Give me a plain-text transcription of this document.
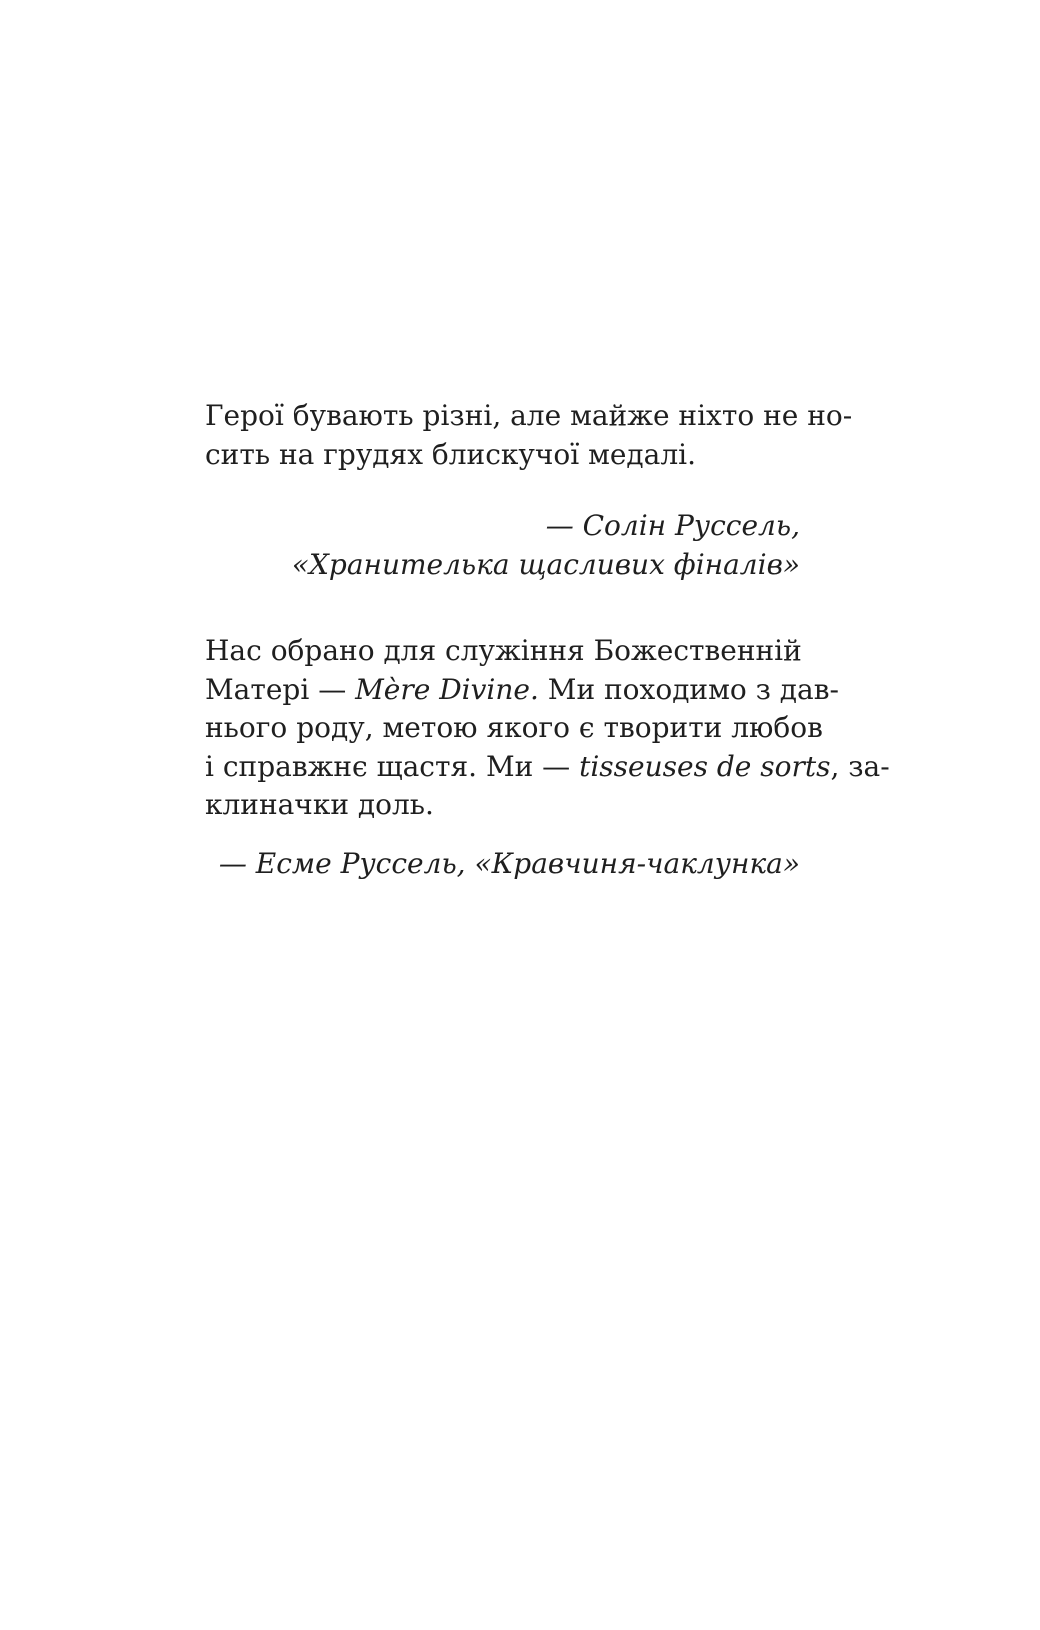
Герої бувають різні, але майже ніхто не но-
сить на грудях блискучої медалі.
— Солін Руссель,
«Хранителька щасливих фіналів»
Нас обрано для служіння Божественній
Матері — Mère Divine. Ми походимо з дав-
нього роду, метою якого є творити любов
і справжнє щастя. Ми — tisseuses de sorts, за-
клинaчки доль.
— Есме Руссель, «Кравчиня-чаклунка»
